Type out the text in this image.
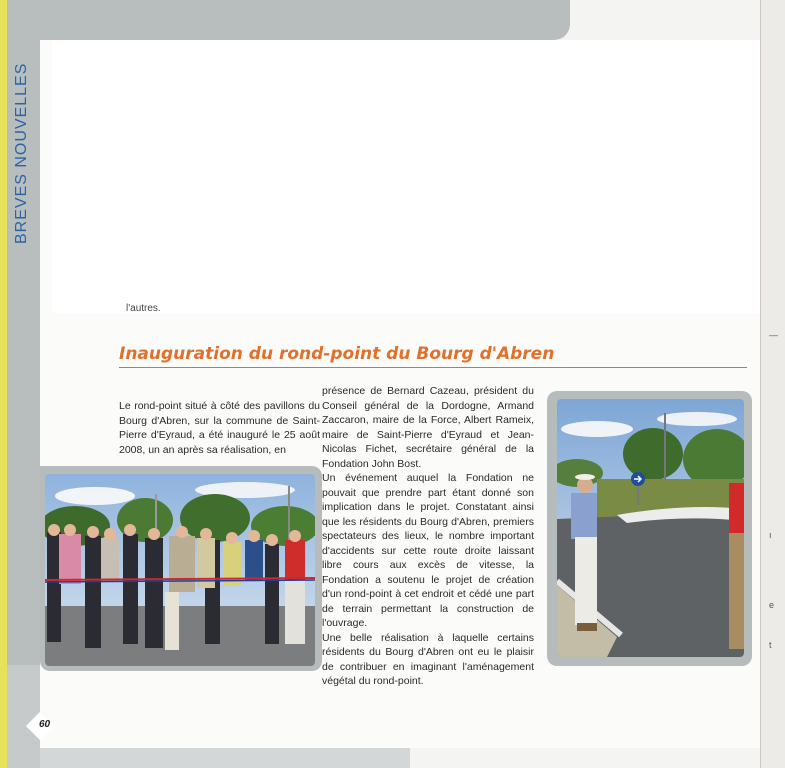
—
ı
e
t
BREVES NOUVELLES
l'autres.
Inauguration du rond-point du Bourg d'Abren

Le rond-point situé à côté des pavillons du Bourg d'Abren, sur la commune de Saint-Pierre d'Eyraud, a été inauguré le 25 août 2008, un an après sa réalisation, en

présence de Bernard Cazeau, président du Conseil général de la Dordogne, Armand Zaccaron, maire de la Force, Albert Rameix, maire de Saint-Pierre d'Eyraud et Jean-Nicolas Fichet, secrétaire général de la Fondation John Bost.

Un événement auquel la Fondation ne pouvait que prendre part étant donné son implication dans le projet. Constatant ainsi que les résidents du Bourg d'Abren, premiers spectateurs des lieux, le nombre important d'accidents sur cette route droite laissant libre cours aux excès de vitesse, la Fondation a soutenu le projet de création d'un rond-point à cet endroit et cédé une part de terrain permettant la construction de l'ouvrage.

Une belle réalisation à laquelle certains résidents du Bourg d'Abren ont eu le plaisir de contribuer en imaginant l'aménagement végétal du rond-point.

60
